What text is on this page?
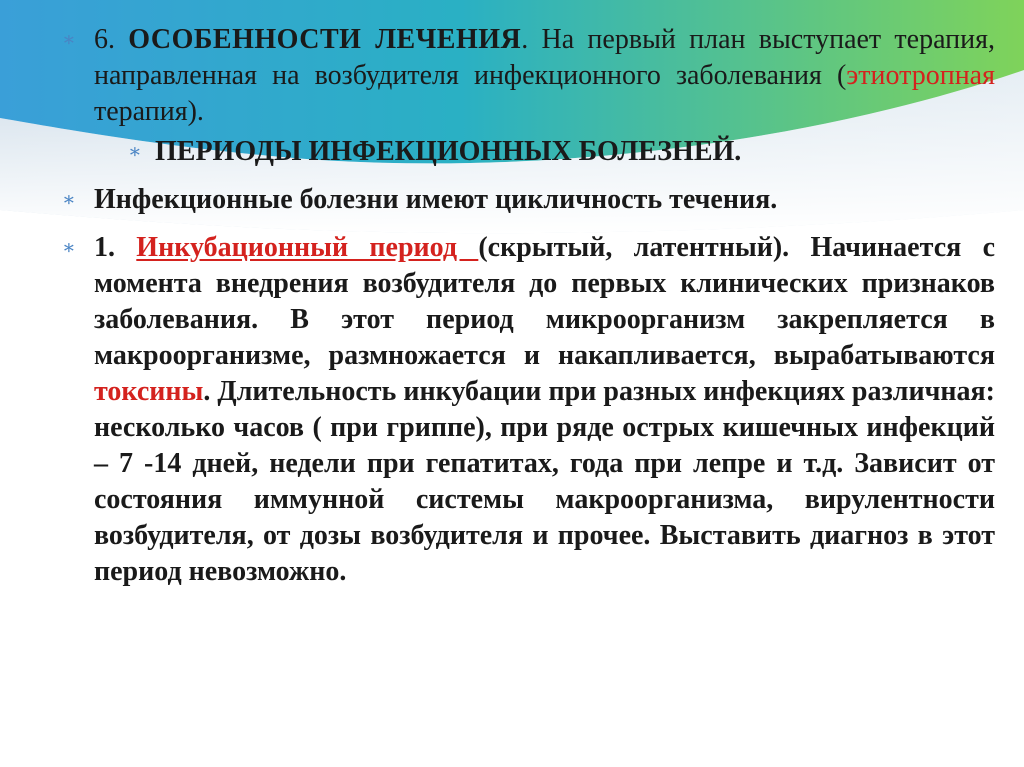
∗ 6. ОСОБЕННОСТИ ЛЕЧЕНИЯ. На первый план выступает терапия, направленная на возбудителя инфекционного заболевания (этиотропная терапия).

∗ ПЕРИОДЫ ИНФЕКЦИОННЫХ БОЛЕЗНЕЙ.

∗ Инфекционные болезни имеют цикличность течения.

∗ 1. Инкубационный период (скрытый, латентный). Начинается с момента внедрения возбудителя до первых клинических признаков заболевания. В этот период микроорганизм закрепляется в макроорганизме, размножается и накапливается, вырабатываются токсины. Длительность инкубации при разных инфекциях различная: несколько часов ( при гриппе), при ряде острых кишечных инфекций – 7 -14 дней, недели при гепатитах, года при лепре и т.д. Зависит от состояния иммунной системы макроорганизма, вирулентности возбудителя, от дозы возбудителя и прочее. Выставить диагноз в этот период невозможно.
